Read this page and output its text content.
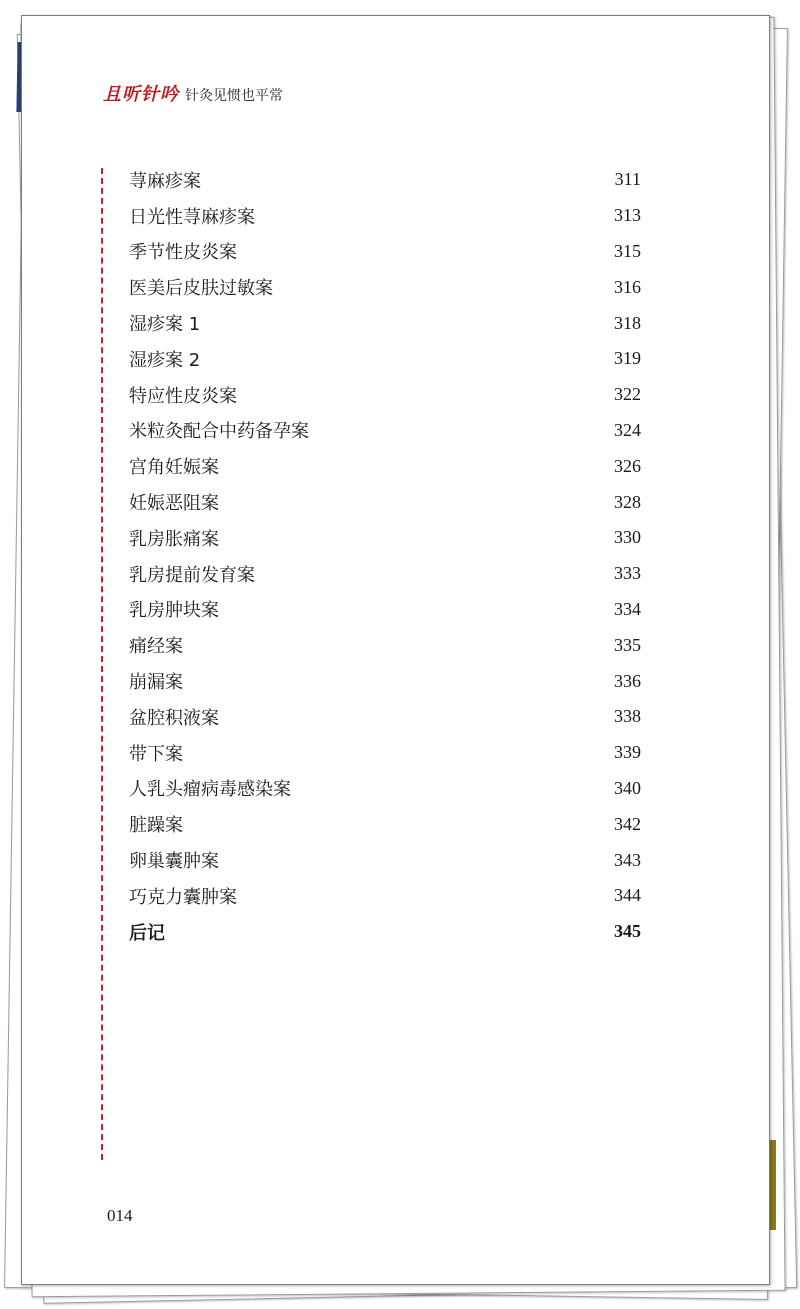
且听针吟 针灸见惯也平常
荨麻疹案	311
日光性荨麻疹案	313
季节性皮炎案	315
医美后皮肤过敏案	316
湿疹案 1	318
湿疹案 2	319
特应性皮炎案	322
米粒灸配合中药备孕案	324
宫角妊娠案	326
妊娠恶阻案	328
乳房胀痛案	330
乳房提前发育案	333
乳房肿块案	334
痛经案	335
崩漏案	336
盆腔积液案	338
带下案	339
人乳头瘤病毒感染案	340
脏躁案	342
卵巢囊肿案	343
巧克力囊肿案	344
后记	345
014
